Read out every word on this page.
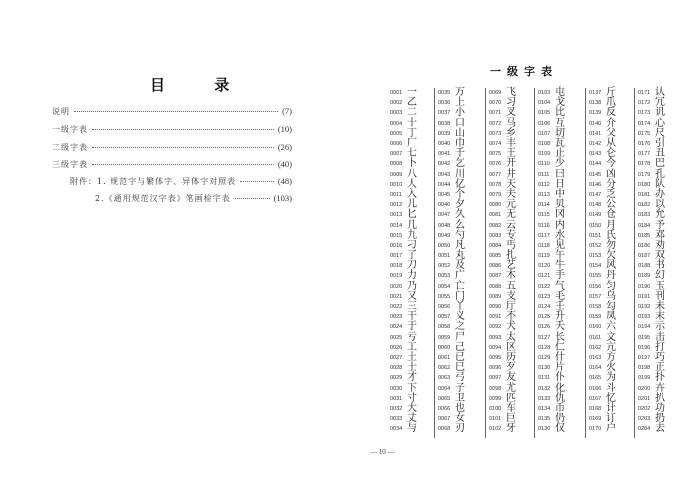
目 录
说明	(7)
一级字表	(10)
二级字表	(26)
三级字表	(40)
附件：1. 规范字与繁体字、异体字对照表	(48)
2.《通用规范汉字表》笔画检字表	(103)
一级字表
0001 一
0002 乙
0003 二
0004 十
0005 丁
0006 厂
0007 七
0008 卜
0009 八
0010 人
0011 入
0012 儿
0013 匕
0014 几
0015 九
0016 刁
0017 了
0018 刀
0019 力
0020 乃
0021 又
0022 三
0023 干
0024 于
0025 亏
0026 工
0027 土
0028 士
0029 才
0030 下
0031 寸
0032 大
0033 丈
0034 与
0035 万
0036 上
0037 小
0038 口
0039 山
0040 巾
0041 千
0042 乞
0043 川
0044 亿
0045 个
0046 夕
0047 久
0048 么
0049 勺
0050 凡
0051 丸
0052 及
0053 广
0054 亡
0055 门
0056 丫
0057 义
0058 之
0059 尸
0060 己
0061 已
0062 巳
0063 弓
0064 子
0065 卫
0066 也
0067 女
0068 刃
0069 飞
0070 习
0071 叉
0072 马
0073 乡
0074 丰
0075 王
0076 开
0077 井
0078 天
0079 夫
0080 元
0081 无
0082 云
0083 专
0084 丐
0085 扎
0086 艺
0087 木
0088 五
0089 支
0090 厅
0091 不
0092 犬
0093 太
0094 区
0095 历
0096 歹
0097 友
0098 尤
0099 匹
0100 车
0101 巨
0102 牙
0103 屯
0104 戈
0105 比
0106 互
0107 切
0108 瓦
0109 止
0110 少
0111 曰
0112 日
0113 中
0114 贝
0115 冈
0116 内
0117 水
0118 见
0119 午
0120 牛
0121 手
0122 气
0123 毛
0124 壬
0125 升
0126 夭
0127 长
0128 仁
0129 什
0130 片
0131 仆
0132 化
0133 仇
0134 币
0135 仍
0136 仅
0137 斤
0138 爪
0139 反
0140 介
0141 父
0142 从
0143 仑
0144 今
0145 凶
0146 分
0147 乏
0148 公
0149 仓
0150 月
0151 氏
0152 勿
0153 欠
0154 风
0155 丹
0156 匀
0157 乌
0158 勾
0159 凤
0160 六
0161 文
0162 亢
0163 方
0164 火
0165 为
0166 斗
0167 忆
0168 计
0169 订
0170 户
0171 认
0172 冗
0173 讥
0174 心
0175 尺
0176 引
0177 丑
0178 巴
0179 孔
0180 队
0181 办
0182 以
0183 允
0184 予
0185 邓
0186 劝
0187 双
0188 书
0189 幻
0190 玉
0191 刊
0192 未
0193 末
0194 示
0195 击
0196 打
0197 巧
0198 正
0199 扑
0200 卉
0201 扒
0202 功
0203 扔
0204 去
— 10 —
